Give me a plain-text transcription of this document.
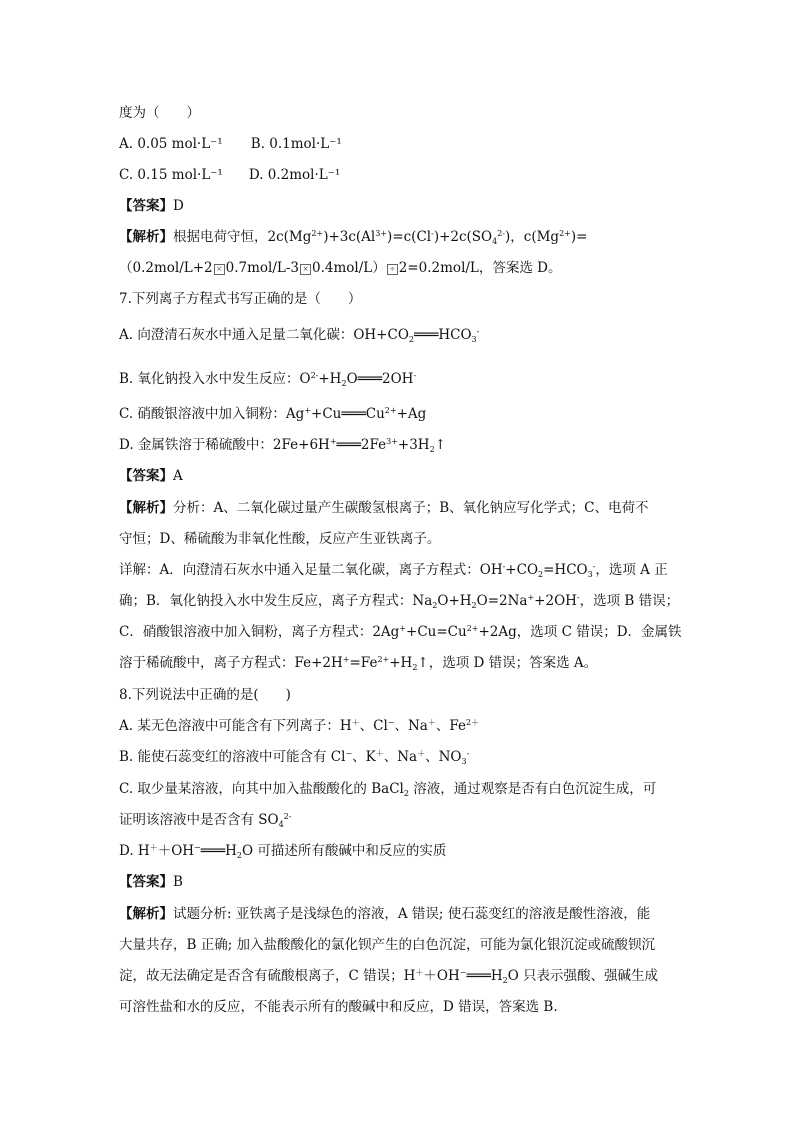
度为（　　）
A. 0.05 mol·L⁻¹ B. 0.1mol·L⁻¹
C. 0.15 mol·L⁻¹ D. 0.2mol·L⁻¹
【答案】D
【解析】根据电荷守恒，$2c(Mg^{2+})+3c(Al^{3+})=c(Cl^-)+2c(SO_4^{2-})$，$c(Mg^{2+})=$
（0.2mol/L+2 × 0.7mol/L-3 × 0.4mol/L） ÷ 2=0.2mol/L，答案选 D。
7.下列离子方程式书写正确的是（　　）
A. 向澄清石灰水中通入足量二氧化碳：$OH+CO_2═══HCO_3^-$
B. 氧化钠投入水中发生反应：$O^{2-}+H_2O═══2OH^-$
C. 硝酸银溶液中加入铜粉：$Ag^++Cu═══Cu^{2+}+Ag$
D. 金属铁溶于稀硫酸中：$2Fe+6H^+═══2Fe^{3+}+3H_2↑$
【答案】A
【解析】分析：A、二氧化碳过量产生碳酸氢根离子；B、氧化钠应写化学式；C、电荷不
守恒；D、稀硫酸为非氧化性酸，反应产生亚铁离子。
详解：A．向澄清石灰水中通入足量二氧化碳，离子方程式：$OH^-+CO_2=HCO_3^-$，选项 A 正
确；B．氧化钠投入水中发生反应，离子方程式：$Na_2O+H_2O=2Na^++2OH^-$，选项 B 错误；
C．硝酸银溶液中加入铜粉，离子方程式：$2Ag^++Cu=Cu^{2+}+2Ag$，选项 C 错误；D．金属铁
溶于稀硫酸中，离子方程式：$Fe+2H^+=Fe^{2+}+H_2↑$，选项 D 错误；答案选 A。
8.下列说法中正确的是(　　)
A. 某无色溶液中可能含有下列离子：H＋、Cl−、Na＋、$Fe^{2+}$
B. 能使石蕊变红的溶液中可能含有 Cl−、K＋、Na＋、$NO_3^-$
C. 取少量某溶液，向其中加入盐酸酸化的 BaCl$_2$ 溶液，通过观察是否有白色沉淀生成，可
证明该溶液中是否含有 $SO_4^{2-}$
D. $H^++OH^-═══H_2O$ 可描述所有酸碱中和反应的实质
【答案】B
【解析】试题分析: 亚铁离子是浅绿色的溶液，A 错误; 使石蕊变红的溶液是酸性溶液，能
大量共存，B 正确; 加入盐酸酸化的氯化钡产生的白色沉淀，可能为氯化银沉淀或硫酸钡沉
淀，故无法确定是否含有硫酸根离子，C 错误；$H^++OH^-═══H_2O$ 只表示强酸、强碱生成
可溶性盐和水的反应，不能表示所有的酸碱中和反应，D 错误，答案选 B.
